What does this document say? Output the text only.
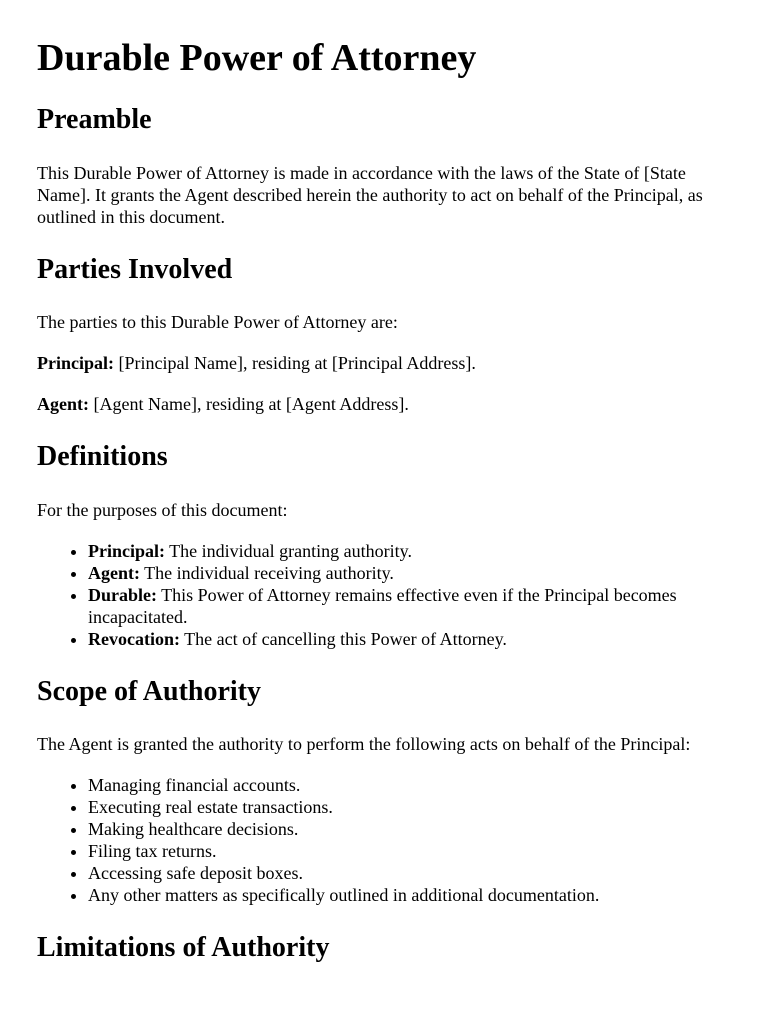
Durable Power of Attorney
Preamble

This Durable Power of Attorney is made in accordance with the laws of the State of [State Name]. It grants the Agent described herein the authority to act on behalf of the Principal, as outlined in this document.

Parties Involved

The parties to this Durable Power of Attorney are:

Principal: [Principal Name], residing at [Principal Address].

Agent: [Agent Name], residing at [Agent Address].

Definitions

For the purposes of this document:

• Principal: The individual granting authority.
• Agent: The individual receiving authority.
• Durable: This Power of Attorney remains effective even if the Principal becomes incapacitated.
• Revocation: The act of cancelling this Power of Attorney.
Scope of Authority

The Agent is granted the authority to perform the following acts on behalf of the Principal:

• Managing financial accounts.
• Executing real estate transactions.
• Making healthcare decisions.
• Filing tax returns.
• Accessing safe deposit boxes.
• Any other matters as specifically outlined in additional documentation.
Limitations of Authority
